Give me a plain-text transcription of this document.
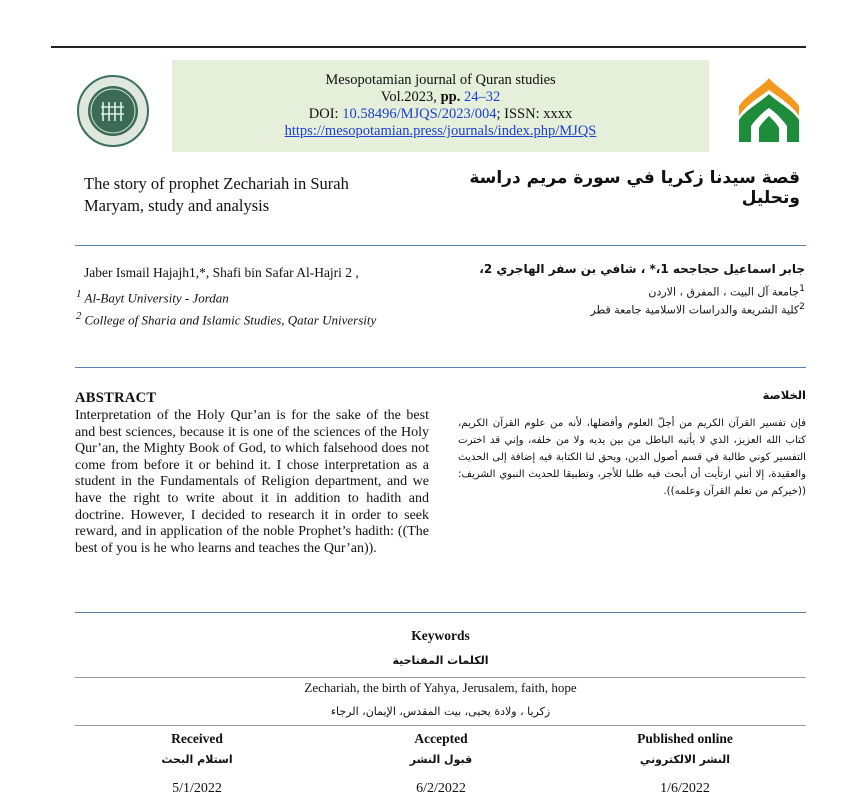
Mesopotamian journal of Quran studies
Vol.2023, pp. 24–32
DOI: 10.58496/MJQS/2023/004; ISSN: xxxx
https://mesopotamian.press/journals/index.php/MJQS
The story of prophet Zechariah in Surah Maryam, study and analysis
قصة سيدنا زكريا في سورة مريم دراسة وتحليل
Jaber Ismail Hajajh1,*, Shafi bin Safar Al-Hajri 2 ,
$^1$ Al-Bayt University - Jordan
$^2$ College of Sharia and Islamic Studies, Qatar University
جابر اسماعيل حجاجحه 1،* ، شافي بن سفر الهاجري 2،
$^1$جامعة آل البيت ، المفرق ، الاردن
$^2$كلية الشريعة والدراسات الاسلامية جامعة قطر
ABSTRACT
Interpretation of the Holy Qur’an is for the sake of the best and best sciences, because it is one of the sciences of the Holy Qur’an, the Mighty Book of God, to which falsehood does not come from before it or behind it. I chose interpretation as a student in the Fundamentals of Religion department, and we have the right to write about it in addition to hadith and doctrine. However, I decided to research it in order to seek reward, and in application of the noble Prophet’s hadith: ((The best of you is he who learns and teaches the Qur’an)).
الخلاصة
فإن تفسير القرآن الكريم من أجلّ العلوم وأفضلها، لأنه من علوم القرآن الكريم، كتاب الله العزيز، الذي لا يأتيه الباطل من بين يديه ولا من خلفه، وإني قد اخترت التفسير كوني طالبة في قسم أصول الدين، ويحق لنا الكتابة فيه إضافة إلى الحديث والعقيدة، إلا أنني ارتأيت أن أبحث فيه طلبا للأجر، وتطبيقا للحديث النبوي الشريف: ((خيركم من تعلم القرآن وعلمه)).
Keywords
الكلمات المفتاحية
Zechariah, the birth of Yahya, Jerusalem, faith, hope
زكريا ، ولادة يحيى، بيت المقدس، الإيمان، الرجاء
Received
استلام البحث
5/1/2022
Accepted
قبول النشر
6/2/2022
Published online
النشر الالكتروني
1/6/2022
